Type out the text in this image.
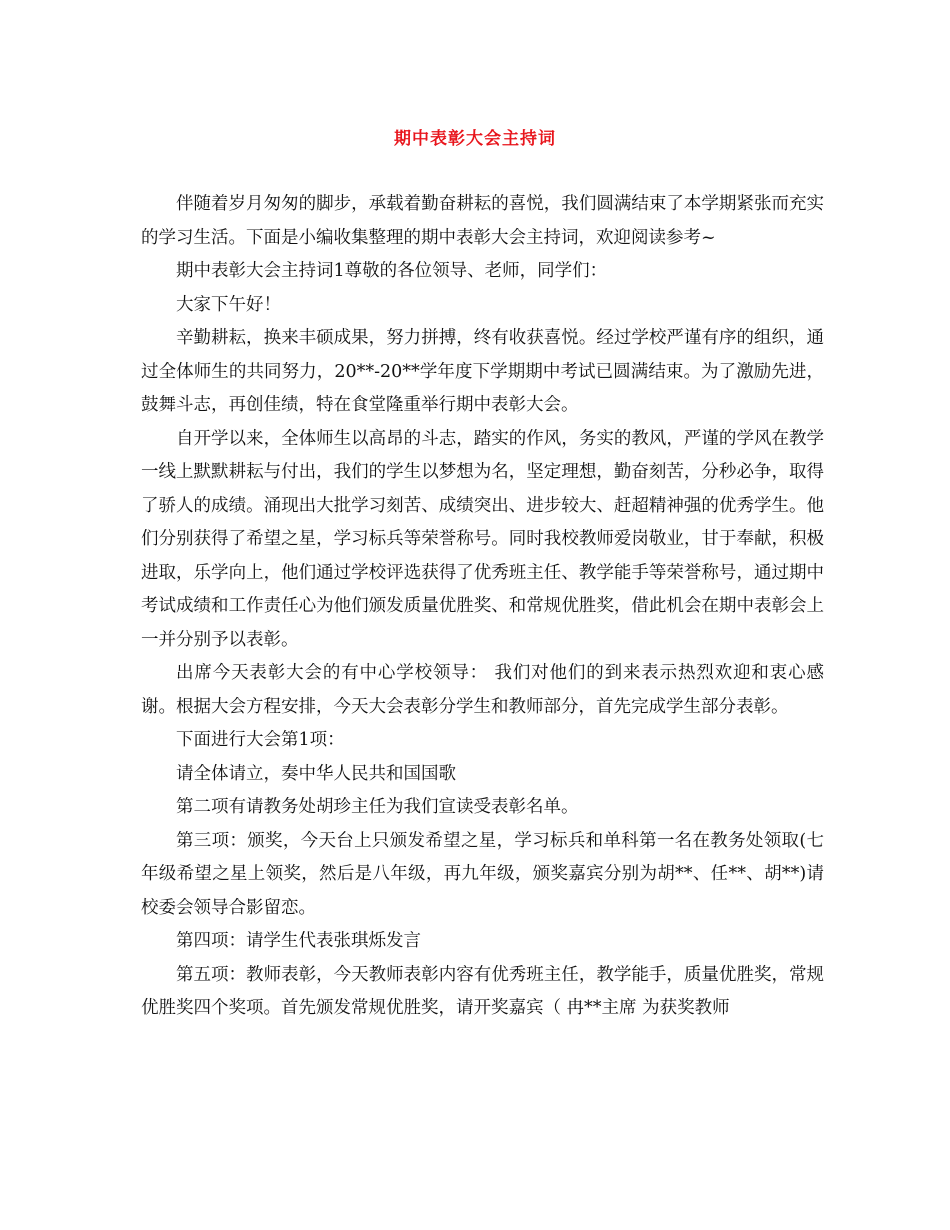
期中表彰大会主持词

伴随着岁月匆匆的脚步，承载着勤奋耕耘的喜悦，我们圆满结束了本学期紧张而充实的学习生活。下面是小编收集整理的期中表彰大会主持词，欢迎阅读参考~

期中表彰大会主持词1尊敬的各位领导、老师，同学们：

大家下午好！

辛勤耕耘，换来丰硕成果，努力拼搏，终有收获喜悦。经过学校严谨有序的组织，通过全体师生的共同努力，20**-20**学年度下学期期中考试已圆满结束。为了激励先进，鼓舞斗志，再创佳绩，特在食堂隆重举行期中表彰大会。

自开学以来，全体师生以高昂的斗志，踏实的作风，务实的教风，严谨的学风在教学一线上默默耕耘与付出，我们的学生以梦想为名，坚定理想，勤奋刻苦，分秒必争，取得了骄人的成绩。涌现出大批学习刻苦、成绩突出、进步较大、赶超精神强的优秀学生。他们分别获得了希望之星，学习标兵等荣誉称号。同时我校教师爱岗敬业，甘于奉献，积极进取，乐学向上，他们通过学校评选获得了优秀班主任、教学能手等荣誉称号，通过期中考试成绩和工作责任心为他们颁发质量优胜奖、和常规优胜奖，借此机会在期中表彰会上一并分别予以表彰。

出席今天表彰大会的有中心学校领导： 我们对他们的到来表示热烈欢迎和衷心感谢。根据大会方程安排，今天大会表彰分学生和教师部分，首先完成学生部分表彰。

下面进行大会第1项：

请全体请立，奏中华人民共和国国歌

第二项有请教务处胡珍主任为我们宣读受表彰名单。

第三项：颁奖，今天台上只颁发希望之星，学习标兵和单科第一名在教务处领取(七年级希望之星上领奖，然后是八年级，再九年级，颁奖嘉宾分别为胡**、任**、胡**)请校委会领导合影留恋。

第四项：请学生代表张琪烁发言

第五项：教师表彰，今天教师表彰内容有优秀班主任，教学能手，质量优胜奖，常规优胜奖四个奖项。首先颁发常规优胜奖，请开奖嘉宾（ 冉**主席 为获奖教师
